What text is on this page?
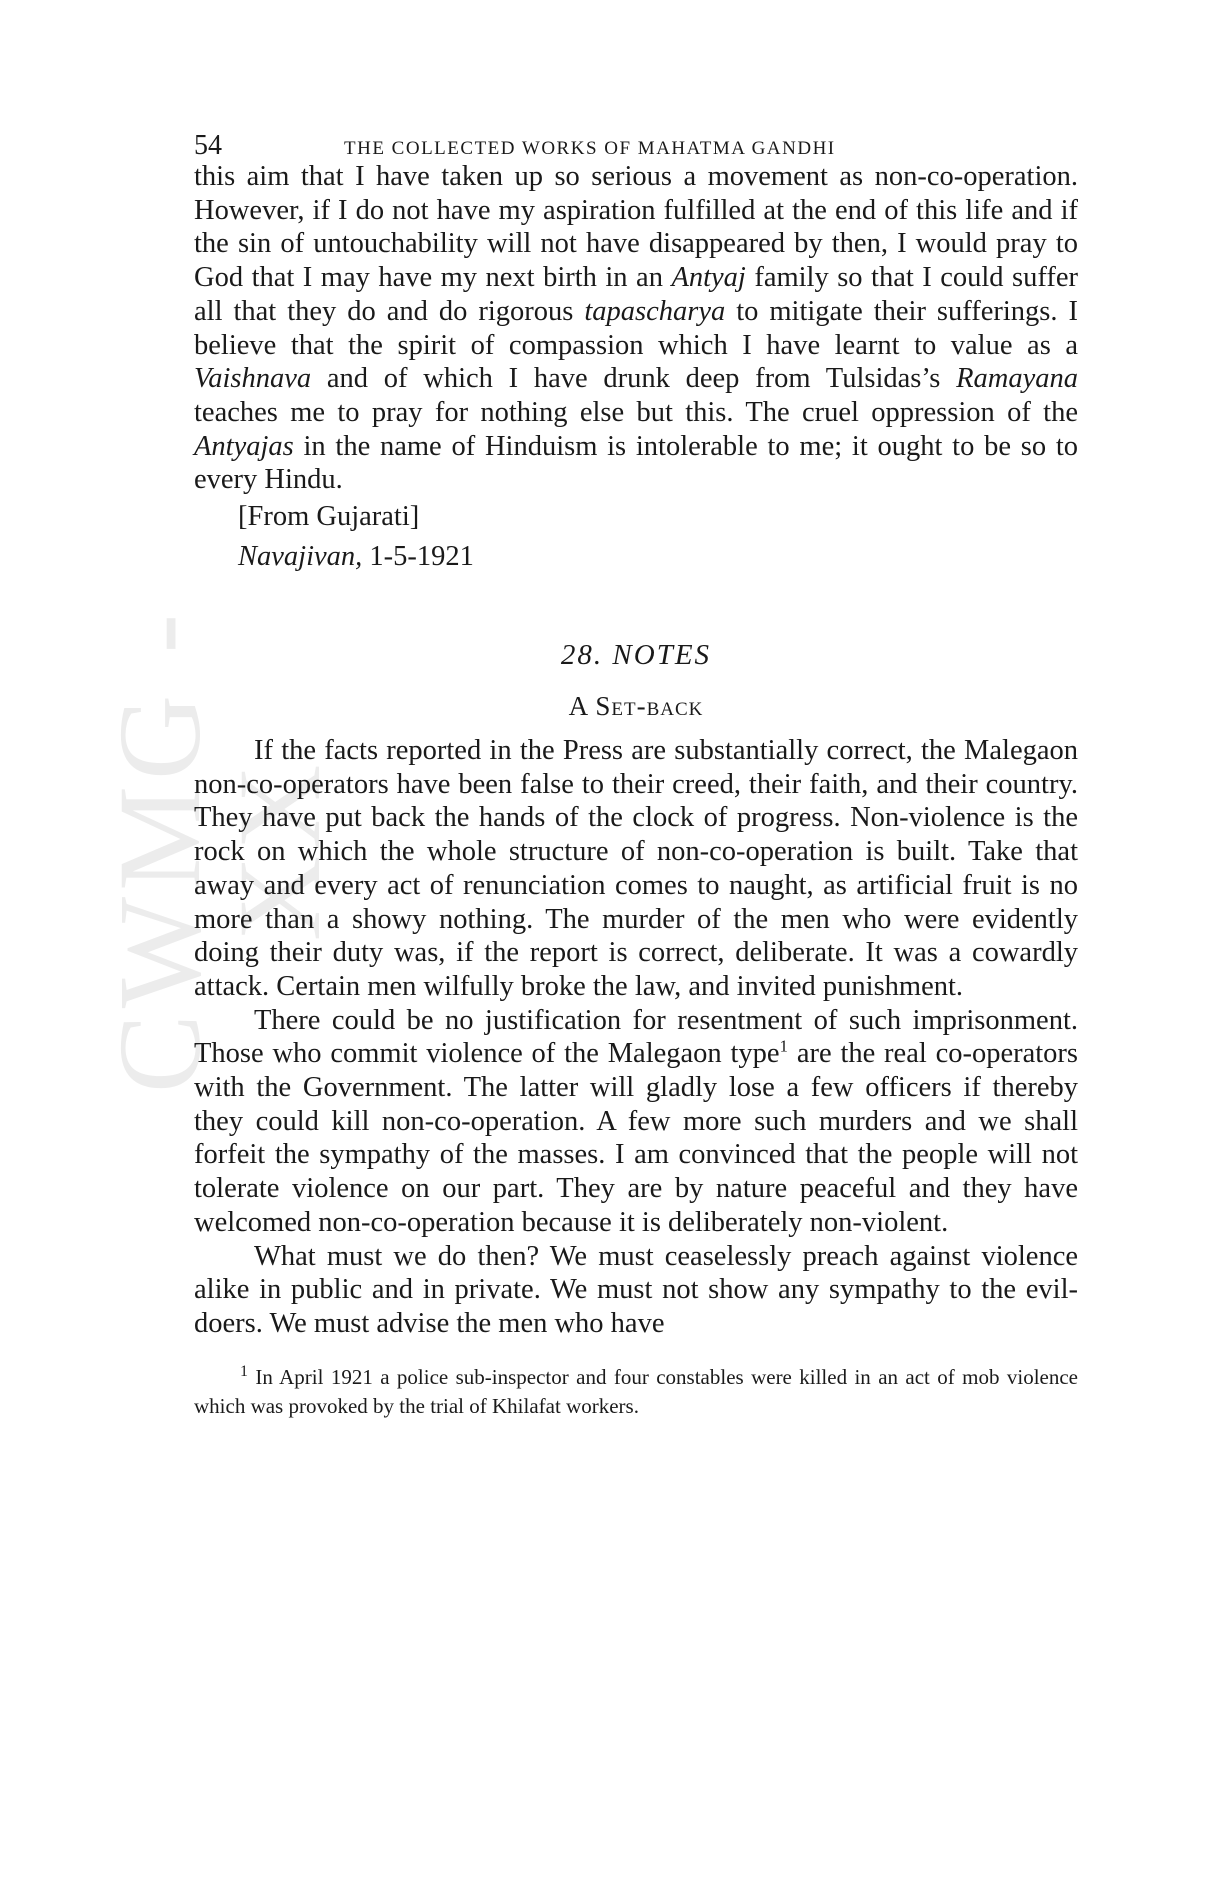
CWMG - XX
54	THE COLLECTED WORKS OF MAHATMA GANDHI

this aim that I have taken up so serious a movement as non-co-operation. However, if I do not have my aspiration fulfilled at the end of this life and if the sin of untouchability will not have disappeared by then, I would pray to God that I may have my next birth in an Antyaj family so that I could suffer all that they do and do rigorous tapascharya to mitigate their sufferings. I believe that the spirit of compassion which I have learnt to value as a Vaishnava and of which I have drunk deep from Tulsidas’s Ramayana teaches me to pray for nothing else but this. The cruel oppression of the Antyajas in the name of Hinduism is intolerable to me; it ought to be so to every Hindu.

[From Gujarati]

Navajivan, 1-5-1921

28. NOTES
A Set-back

If the facts reported in the Press are substantially correct, the Malegaon non-co-operators have been false to their creed, their faith, and their country. They have put back the hands of the clock of progress. Non-violence is the rock on which the whole structure of non-co-operation is built. Take that away and every act of renunciation comes to naught, as artificial fruit is no more than a showy nothing. The murder of the men who were evidently doing their duty was, if the report is correct, deliberate. It was a cowardly attack. Certain men wilfully broke the law, and invited punishment.

There could be no justification for resentment of such imprisonment. Those who commit violence of the Malegaon type$^1$ are the real co-operators with the Government. The latter will gladly lose a few officers if thereby they could kill non-co-operation. A few more such murders and we shall forfeit the sympathy of the masses. I am convinced that the people will not tolerate violence on our part. They are by nature peaceful and they have welcomed non-co-operation because it is deliberately non-violent.

What must we do then? We must ceaselessly preach against violence alike in public and in private. We must not show any sympathy to the evil-doers. We must advise the men who have

$^1$ In April 1921 a police sub-inspector and four constables were killed in an act of mob violence which was provoked by the trial of Khilafat workers.
